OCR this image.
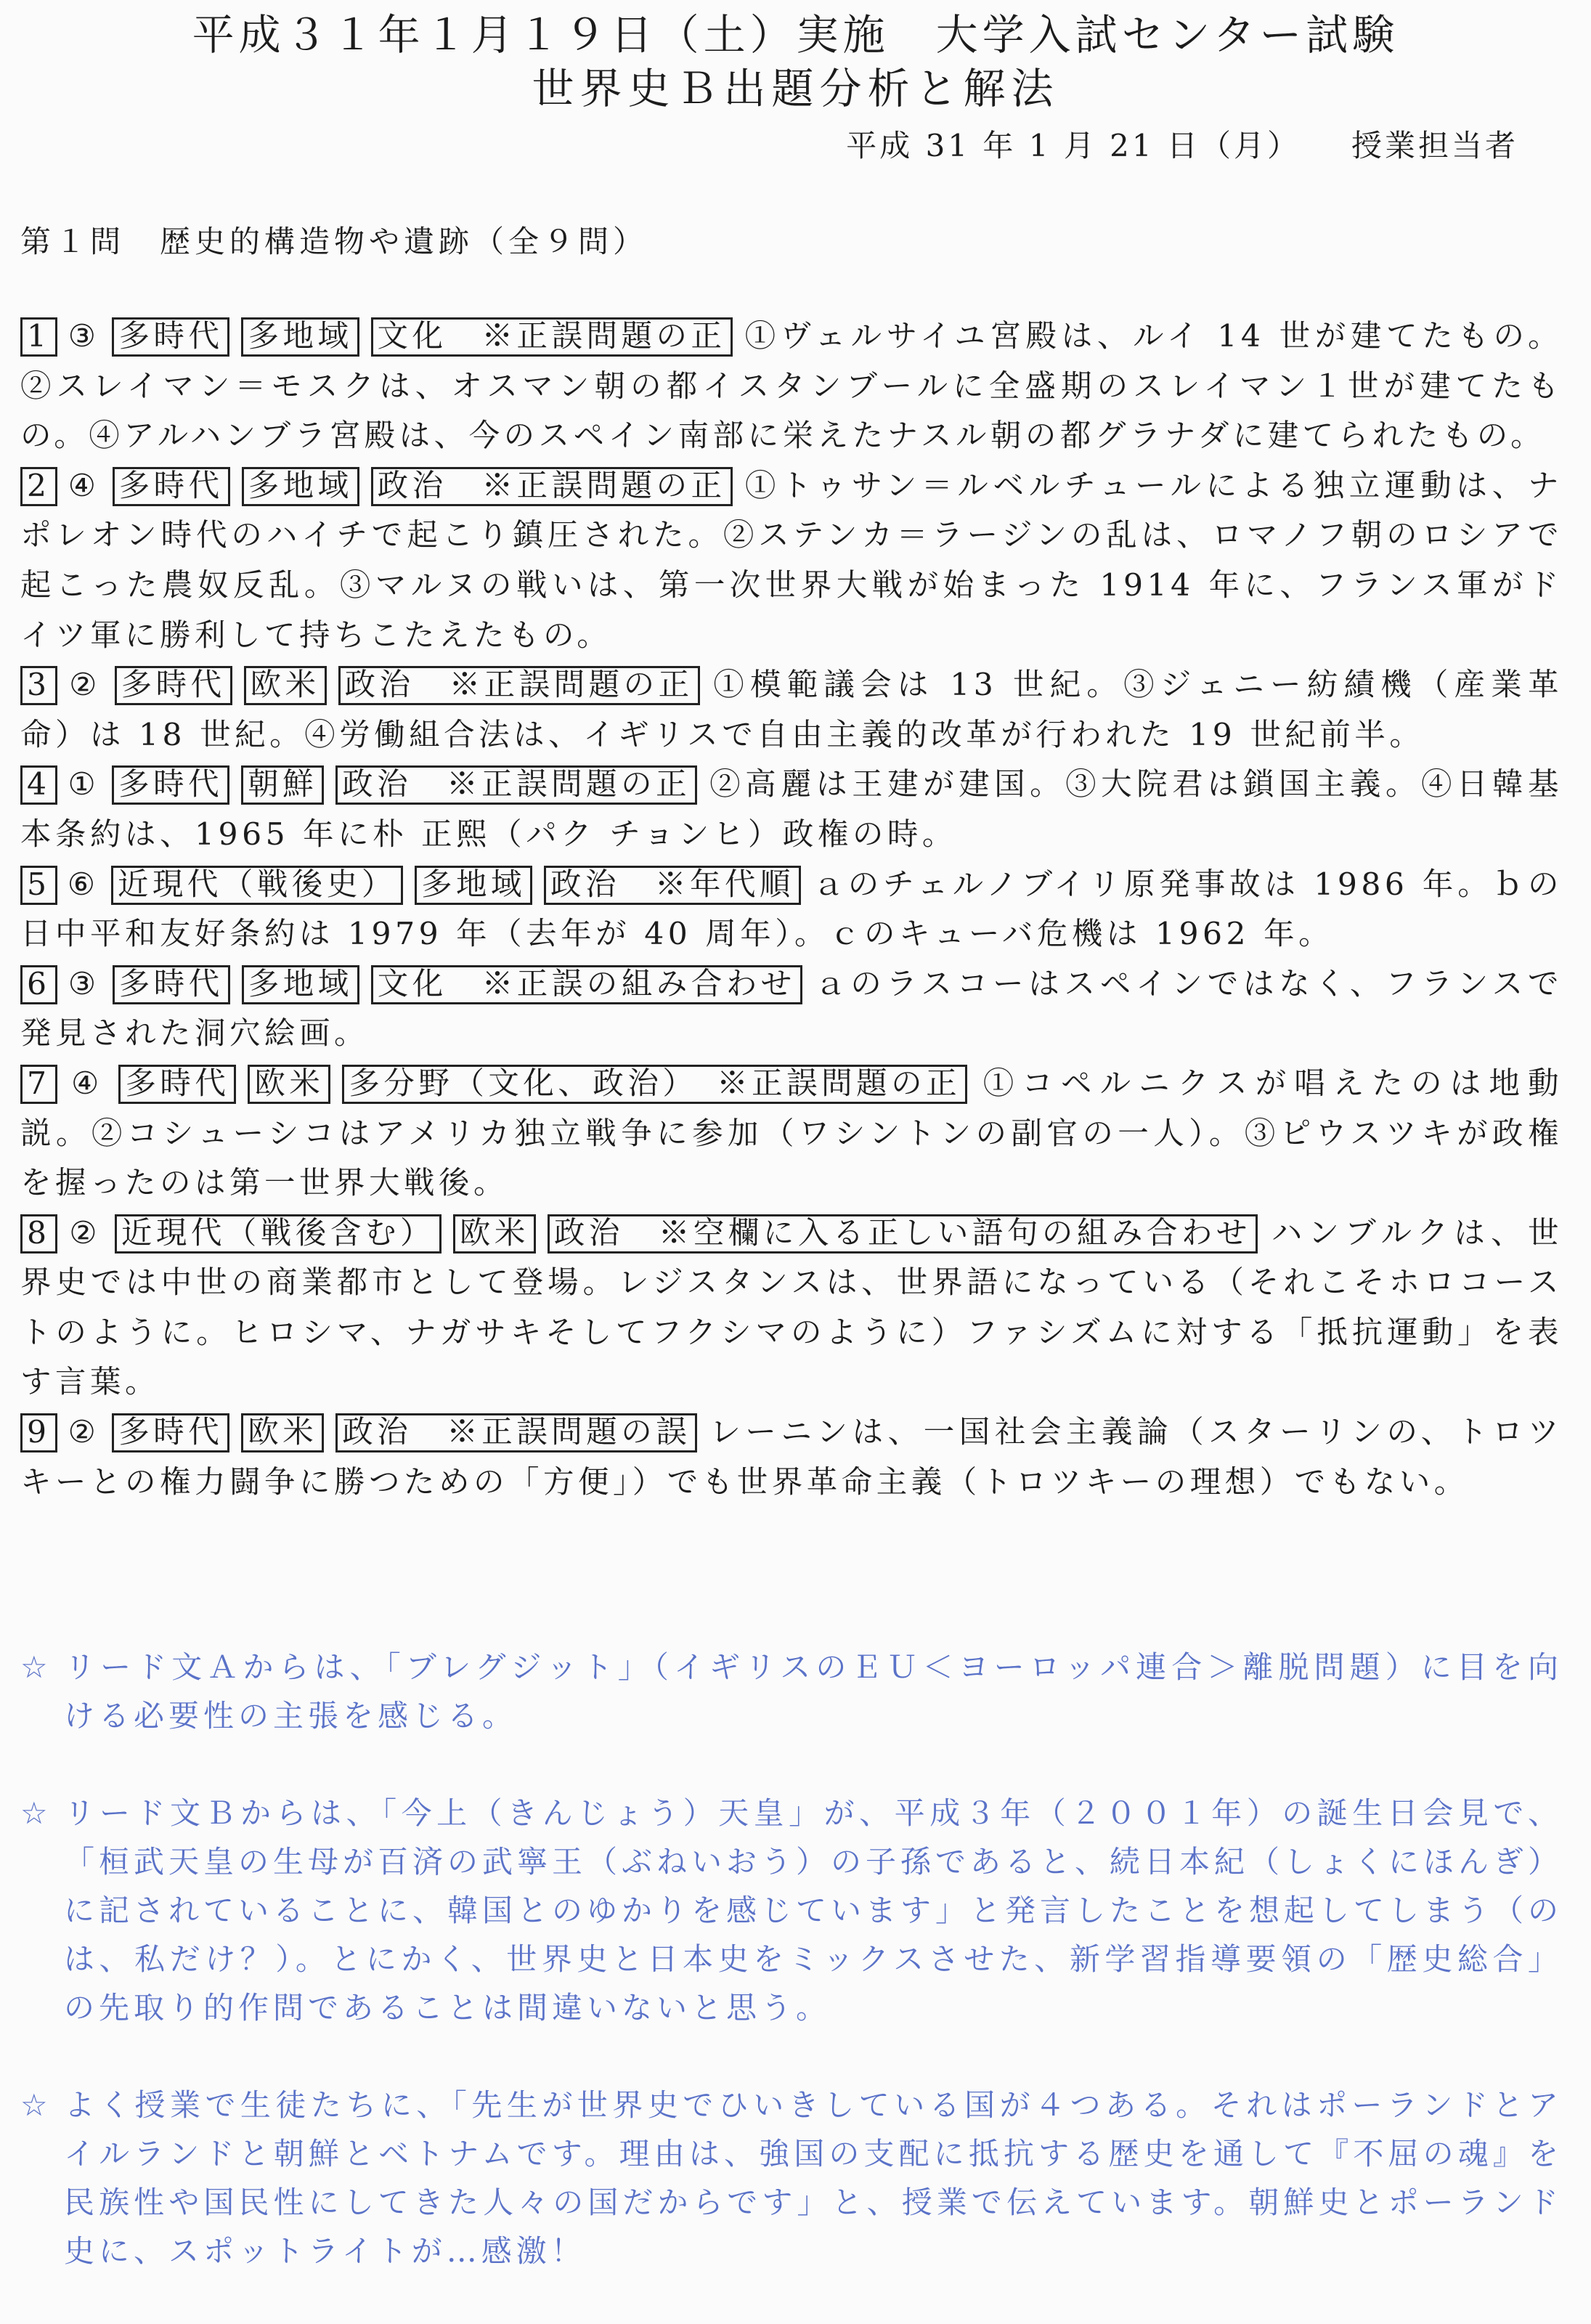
平成３１年１月１９日（土）実施　大学入試センター試験
世界史Ｂ出題分析と解法
平成 31 年 1 月 21 日（月） 授業担当者
第１問　歴史的構造物や遺跡（全９問）

1 ③ 多時代 多地域 文化　※正誤問題の正 ①ヴェルサイユ宮殿は、ルイ 14 世が建てたもの。②スレイマン＝モスクは、オスマン朝の都イスタンブールに全盛期のスレイマン１世が建てたもの。④アルハンブラ宮殿は、今のスペイン南部に栄えたナスル朝の都グラナダに建てられたもの。

2 ④ 多時代 多地域 政治　※正誤問題の正 ①トゥサン＝ルベルチュールによる独立運動は、ナポレオン時代のハイチで起こり鎮圧された。②ステンカ＝ラージンの乱は、ロマノフ朝のロシアで起こった農奴反乱。③マルヌの戦いは、第一次世界大戦が始まった 1914 年に、フランス軍がドイツ軍に勝利して持ちこたえたもの。

3 ② 多時代 欧米 政治　※正誤問題の正 ①模範議会は 13 世紀。③ジェニー紡績機（産業革命）は 18 世紀。④労働組合法は、イギリスで自由主義的改革が行われた 19 世紀前半。

4 ① 多時代 朝鮮 政治　※正誤問題の正 ②高麗は王建が建国。③大院君は鎖国主義。④日韓基本条約は、1965 年に朴 正熙（パク チョンヒ）政権の時。

5 ⑥ 近現代（戦後史） 多地域 政治　※年代順 ａのチェルノブイリ原発事故は 1986 年。ｂの日中平和友好条約は 1979 年（去年が 40 周年）。ｃのキューバ危機は 1962 年。

6 ③ 多時代 多地域 文化　※正誤の組み合わせ ａのラスコーはスペインではなく、フランスで発見された洞穴絵画。

7 ④ 多時代 欧米 多分野（文化、政治）　※正誤問題の正 ①コペルニクスが唱えたのは地動説。②コシューシコはアメリカ独立戦争に参加（ワシントンの副官の一人）。③ピウスツキが政権を握ったのは第一世界大戦後。

8 ② 近現代（戦後含む） 欧米 政治　※空欄に入る正しい語句の組み合わせ ハンブルクは、世界史では中世の商業都市として登場。レジスタンスは、世界語になっている（それこそホロコーストのように。ヒロシマ、ナガサキそしてフクシマのように）ファシズムに対する「抵抗運動」を表す言葉。

9 ② 多時代 欧米 政治　※正誤問題の誤 レーニンは、一国社会主義論（スターリンの、トロツキーとの権力闘争に勝つための「方便」）でも世界革命主義（トロツキーの理想）でもない。

☆ リード文Ａからは、「ブレグジット」（イギリスのＥＵ＜ヨーロッパ連合＞離脱問題）に目を向ける必要性の主張を感じる。

☆ リード文Ｂからは、「今上（きんじょう）天皇」が、平成３年（２００１年）の誕生日会見で、「桓武天皇の生母が百済の武寧王（ぶねいおう）の子孫であると、続日本紀（しょくにほんぎ）に記されていることに、韓国とのゆかりを感じています」と発言したことを想起してしまう（のは、私だけ？）。とにかく、世界史と日本史をミックスさせた、新学習指導要領の「歴史総合」の先取り的作問であることは間違いないと思う。

☆ よく授業で生徒たちに、「先生が世界史でひいきしている国が４つある。それはポーランドとアイルランドと朝鮮とベトナムです。理由は、強国の支配に抵抗する歴史を通して『不屈の魂』を民族性や国民性にしてきた人々の国だからです」と、授業で伝えています。朝鮮史とポーランド史に、スポットライトが…感激！
